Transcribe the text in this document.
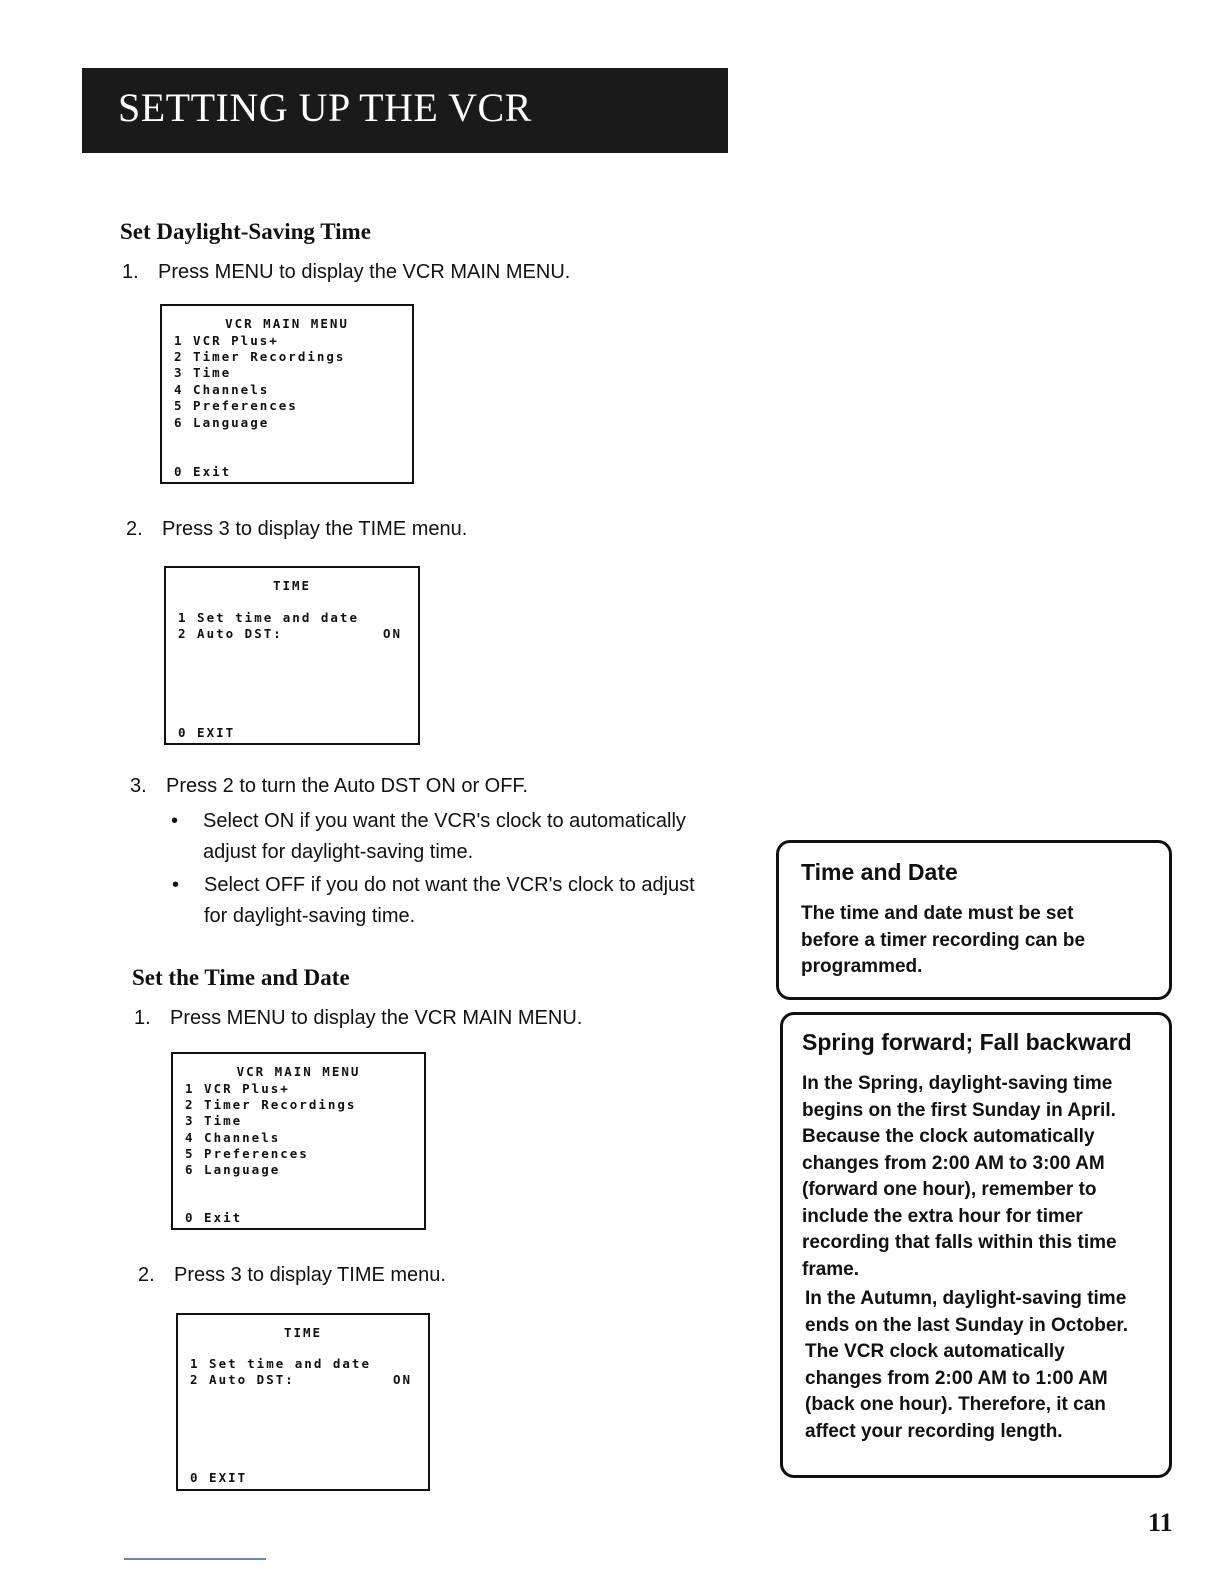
SETTING UP THE VCR
Set Daylight-Saving Time
1. Press MENU to display the VCR MAIN MENU.
VCR MAIN MENU
1 VCR Plus+
2 Timer Recordings
3 Time
4 Channels
5 Preferences
6 Language
0 Exit
2. Press 3 to display the TIME menu.
TIME
1 Set time and date
2 Auto DST:	ON
0 EXIT
3. Press 2 to turn the Auto DST ON or OFF.
• Select ON if you want the VCR's clock to automatically
adjust for daylight-saving time.
• Select OFF if you do not want the VCR's clock to adjust
for daylight-saving time.
Set the Time and Date
1. Press MENU to display the VCR MAIN MENU.
VCR MAIN MENU
1 VCR Plus+
2 Timer Recordings
3 Time
4 Channels
5 Preferences
6 Language
0 Exit
2. Press 3 to display TIME menu.
TIME
1 Set time and date
2 Auto DST:	ON
0 EXIT
Time and Date
The time and date must be set
before a timer recording can be
programmed.
Spring forward; Fall backward
In the Spring, daylight-saving time
begins on the first Sunday in April.
Because the clock automatically
changes from 2:00 AM to 3:00 AM
(forward one hour), remember to
include the extra hour for timer
recording that falls within this time
frame.
In the Autumn, daylight-saving time
ends on the last Sunday in October.
The VCR clock automatically
changes from 2:00 AM to 1:00 AM
(back one hour). Therefore, it can
affect your recording length.
11
